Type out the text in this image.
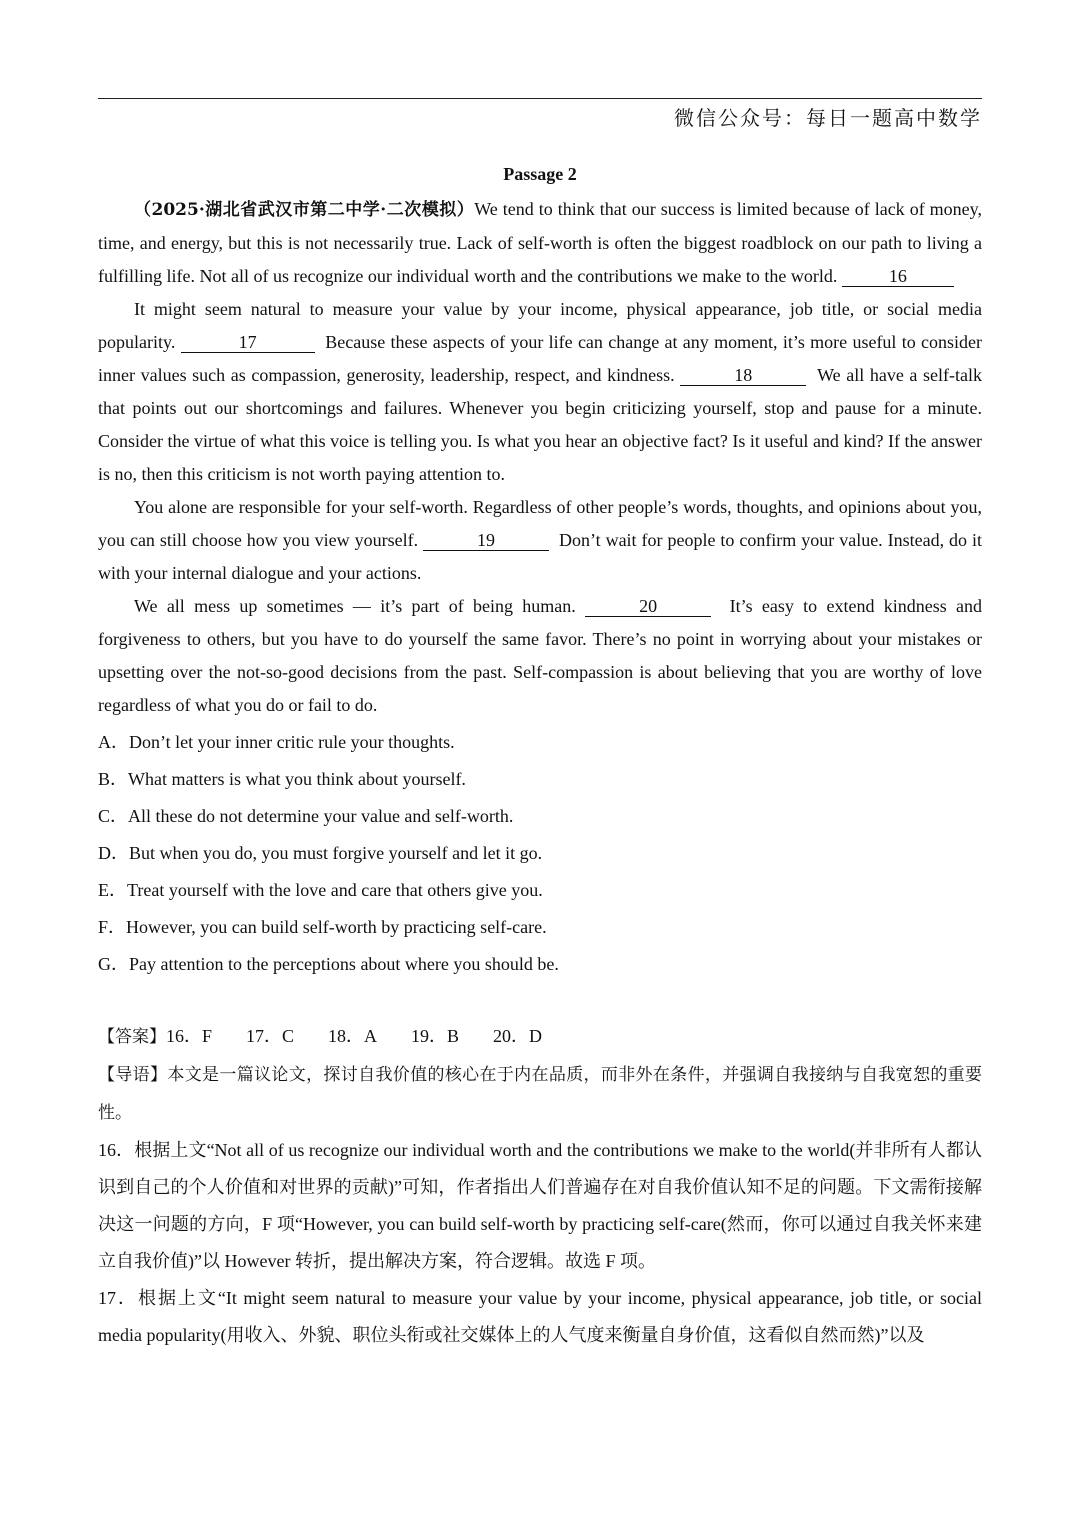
微信公众号：每日一题高中数学
Passage 2

（2025·湖北省武汉市第二中学·二次模拟）We tend to think that our success is limited because of lack of money, time, and energy, but this is not necessarily true. Lack of self-worth is often the biggest roadblock on our path to living a fulfilling life. Not all of us recognize our individual worth and the contributions we make to the world.	16

It might seem natural to measure your value by your income, physical appearance, job title, or social media popularity.	17	Because these aspects of your life can change at any moment, it’s more useful to consider inner values such as compassion, generosity, leadership, respect, and kindness.	18	We all have a self-talk that points out our shortcomings and failures. Whenever you begin criticizing yourself, stop and pause for a minute. Consider the virtue of what this voice is telling you. Is what you hear an objective fact? Is it useful and kind? If the answer is no, then this criticism is not worth paying attention to.

You alone are responsible for your self-worth. Regardless of other people’s words, thoughts, and opinions about you, you can still choose how you view yourself.	19	Don’t wait for people to confirm your value. Instead, do it with your internal dialogue and your actions.

We all mess up sometimes — it’s part of being human.	20	It’s easy to extend kindness and forgiveness to others, but you have to do yourself the same favor. There’s no point in worrying about your mistakes or upsetting over the not-so-good decisions from the past. Self-compassion is about believing that you are worthy of love regardless of what you do or fail to do.

A．Don’t let your inner critic rule your thoughts.
B．What matters is what you think about yourself.
C．All these do not determine your value and self-worth.
D．But when you do, you must forgive yourself and let it go.
E．Treat yourself with the love and care that others give you.
F．However, you can build self-worth by practicing self-care.
G．Pay attention to the perceptions about where you should be.
【答案】16．F 17．C 18．A 19．B 20．D
【导语】本文是一篇议论文，探讨自我价值的核心在于内在品质，而非外在条件，并强调自我接纳与自我宽恕的重要性。
16．根据上文“Not all of us recognize our individual worth and the contributions we make to the world(并非所有人都认识到自己的个人价值和对世界的贡献)”可知，作者指出人们普遍存在对自我价值认知不足的问题。下文需衔接解决这一问题的方向，F 项“However, you can build self-worth by practicing self-care(然而，你可以通过自我关怀来建立自我价值)”以 However 转折，提出解决方案，符合逻辑。故选 F 项。
17．根据上文“It might seem natural to measure your value by your income, physical appearance, job title, or social media popularity(用收入、外貌、职位头衔或社交媒体上的人气度来衡量自身价值，这看似自然而然)”以及
